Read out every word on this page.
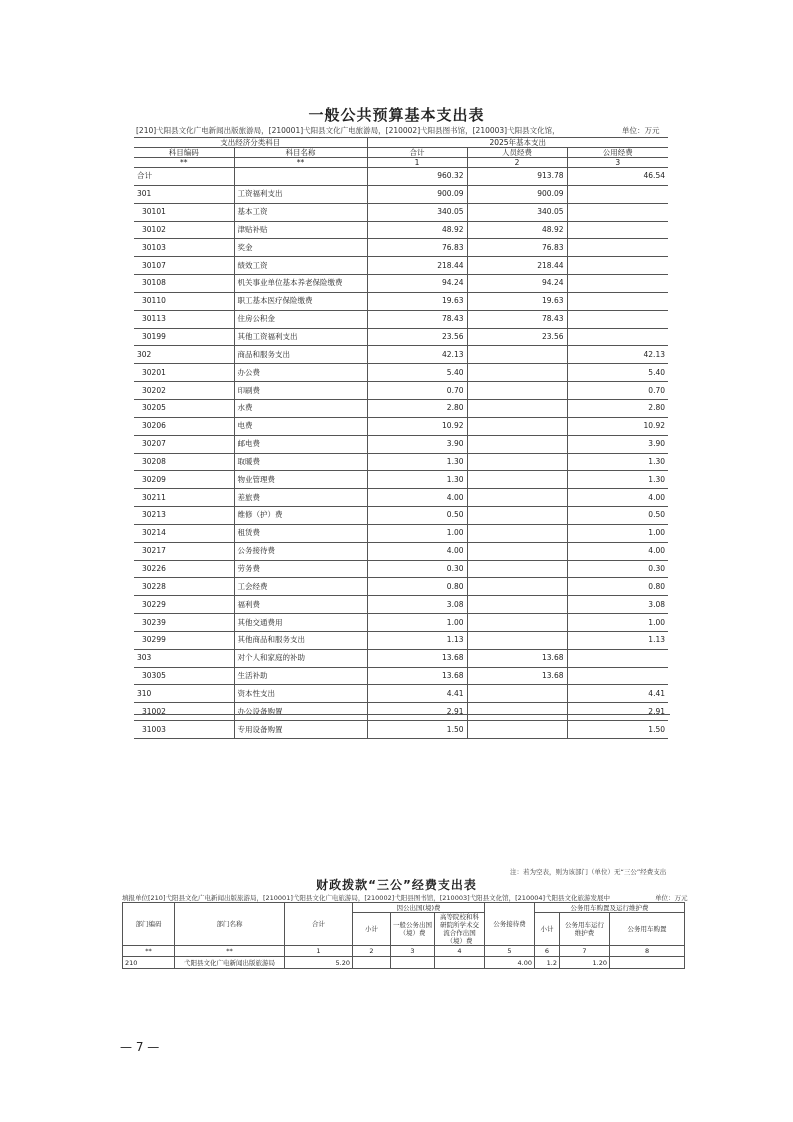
一般公共预算基本支出表
[210]弋阳县文化广电新闻出版旅游局，[210001]弋阳县文化广电旅游局，[210002]弋阳县图书馆，[210003]弋阳县文化馆，	单位：万元
支出经济分类科目		2025年基本支出		
科目编码	科目名称	合计	人员经费	公用经费
**	**	1	2	3
合计		960.32	913.78	46.54
301	工资福利支出	900.09	900.09	
30101	基本工资	340.05	340.05	
30102	津贴补贴	48.92	48.92	
30103	奖金	76.83	76.83	
30107	绩效工资	218.44	218.44	
30108	机关事业单位基本养老保险缴费	94.24	94.24	
30110	职工基本医疗保险缴费	19.63	19.63	
30113	住房公积金	78.43	78.43	
30199	其他工资福利支出	23.56	23.56	
302	商品和服务支出	42.13		42.13
30201	办公费	5.40		5.40
30202	印刷费	0.70		0.70
30205	水费	2.80		2.80
30206	电费	10.92		10.92
30207	邮电费	3.90		3.90
30208	取暖费	1.30		1.30
30209	物业管理费	1.30		1.30
30211	差旅费	4.00		4.00
30213	维修（护）费	0.50		0.50
30214	租赁费	1.00		1.00
30217	公务接待费	4.00		4.00
30226	劳务费	0.30		0.30
30228	工会经费	0.80		0.80
30229	福利费	3.08		3.08
30239	其他交通费用	1.00		1.00
30299	其他商品和服务支出	1.13		1.13
303	对个人和家庭的补助	13.68	13.68	
30305	生活补助	13.68	13.68	
310	资本性支出	4.41		4.41
31002	办公设备购置	2.91		2.91
31003	专用设备购置	1.50		1.50
注：若为空表，则为该部门（单位）无“三公”经费支出
财政拨款“三公”经费支出表
填报单位[210]弋阳县文化广电新闻出版旅游局，[210001]弋阳县文化广电旅游局，[210002]弋阳县图书馆，[210003]弋阳县文化馆，[210004]弋阳县文化旅游发展中	单位：万元
部门编码	部门名称	合计	因公出国(境)费			公务接待费	公务用车购置及运行维护费		
			小计	一般公务出国（境）费	高等院校和科研院所学术交流合作出国（境）费		小计	公务用车运行维护费	公务用车购置
**	**	1	2	3	4	5	6	7	8
210	弋阳县文化广电新闻出版旅游局	5.20				4.00	1.2	1.20	
— 7 —
